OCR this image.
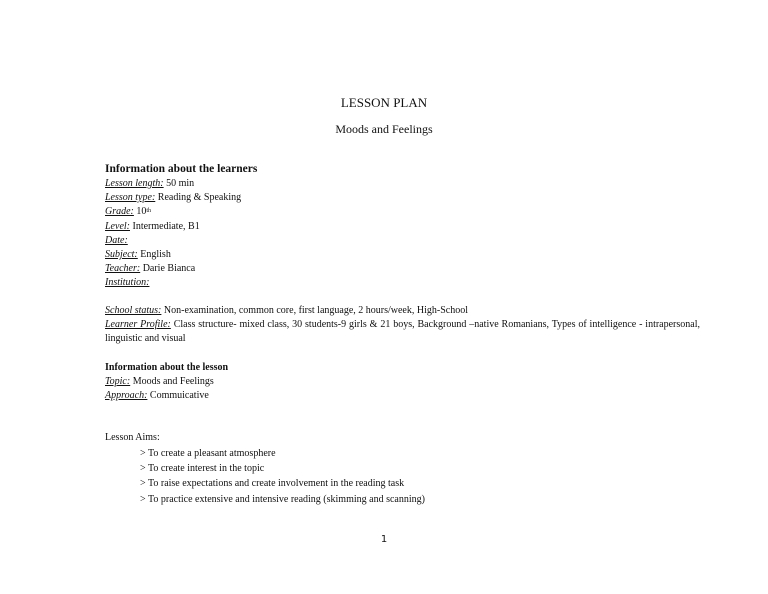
LESSON PLAN
Moods and Feelings
Information about the learners
Lesson length: 50 min
Lesson type: Reading & Speaking
Grade: 10th
Level: Intermediate, B1
Date:
Subject: English
Teacher: Darie Bianca
Institution:
School status: Non-examination, common core, first language, 2 hours/week, High-School
Learner Profile: Class structure- mixed class, 30 students-9 girls & 21 boys, Background –native Romanians, Types of intelligence - intrapersonal, linguistic and visual
Information about the lesson
Topic: Moods and Feelings
Approach: Commuicative
Lesson Aims:
> To create a pleasant atmosphere
> To create interest in the topic
> To raise expectations and create involvement in the reading task
> To practice extensive and intensive reading (skimming and scanning)
1
